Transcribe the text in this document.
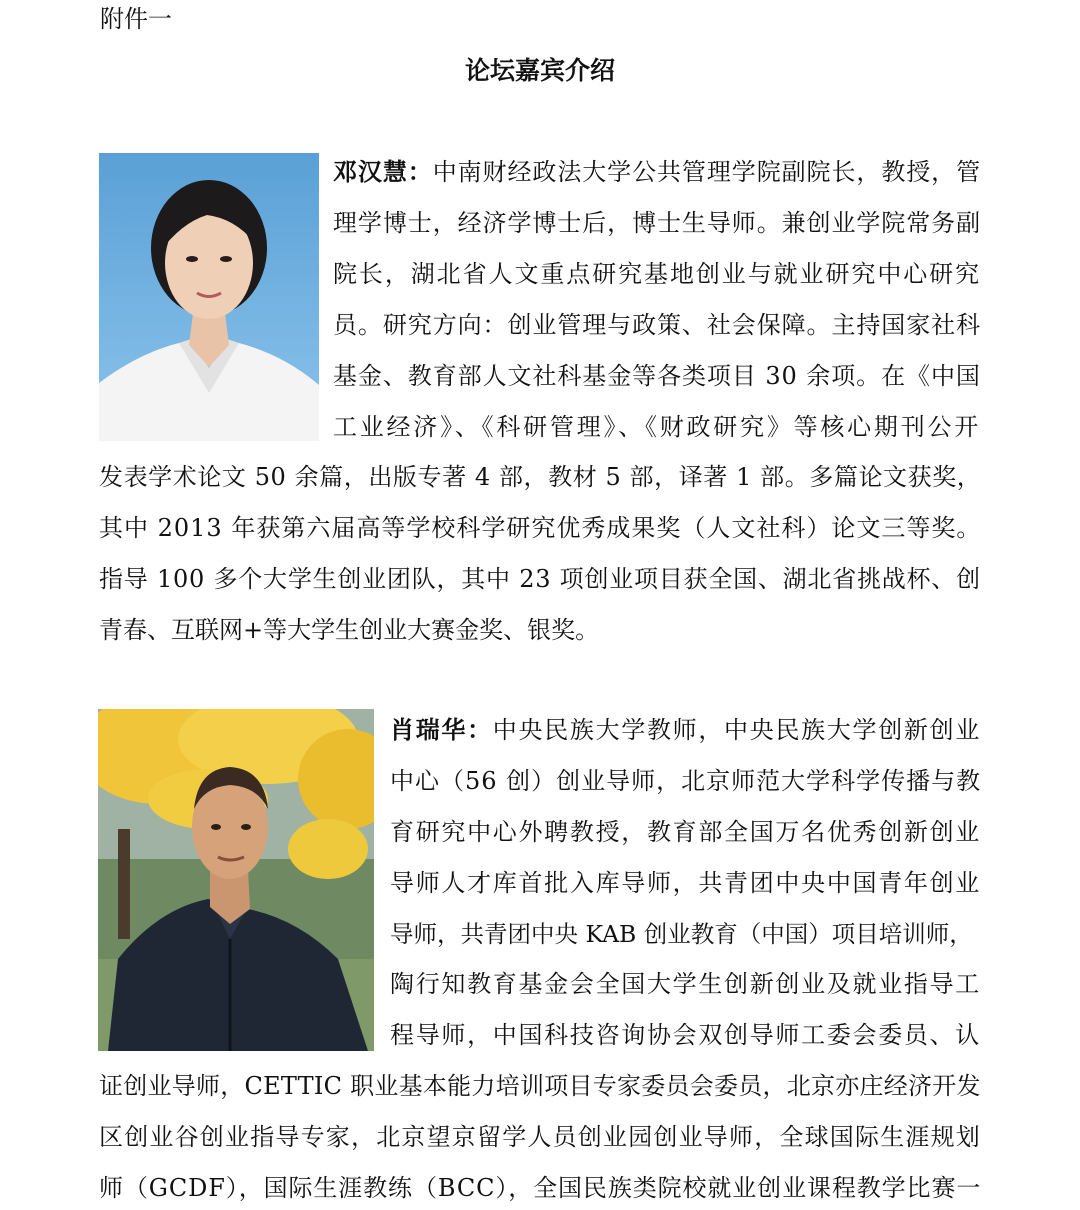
附件一
论坛嘉宾介绍
邓汉慧：中南财经政法大学公共管理学院副院长，教授，管
理学博士，经济学博士后，博士生导师。兼创业学院常务副
院长，湖北省人文重点研究基地创业与就业研究中心研究
员。研究方向：创业管理与政策、社会保障。主持国家社科
基金、教育部人文社科基金等各类项目 30 余项。在《中国
工业经济》、《科研管理》、《财政研究》等核心期刊公开
发表学术论文 50 余篇，出版专著 4 部，教材 5 部，译著 1 部。多篇论文获奖，
其中 2013 年获第六届高等学校科学研究优秀成果奖（人文社科）论文三等奖。
指导 100 多个大学生创业团队，其中 23 项创业项目获全国、湖北省挑战杯、创
青春、互联网+等大学生创业大赛金奖、银奖。
肖瑞华：中央民族大学教师，中央民族大学创新创业
中心（56 创）创业导师，北京师范大学科学传播与教
育研究中心外聘教授，教育部全国万名优秀创新创业
导师人才库首批入库导师，共青团中央中国青年创业
导师，共青团中央 KAB 创业教育（中国）项目培训师，
陶行知教育基金会全国大学生创新创业及就业指导工
程导师，中国科技咨询协会双创导师工委会委员、认
证创业导师，CETTIC 职业基本能力培训项目专家委员会委员，北京亦庄经济开发
区创业谷创业指导专家，北京望京留学人员创业园创业导师，全球国际生涯规划
师（GCDF），国际生涯教练（BCC），全国民族类院校就业创业课程教学比赛一
